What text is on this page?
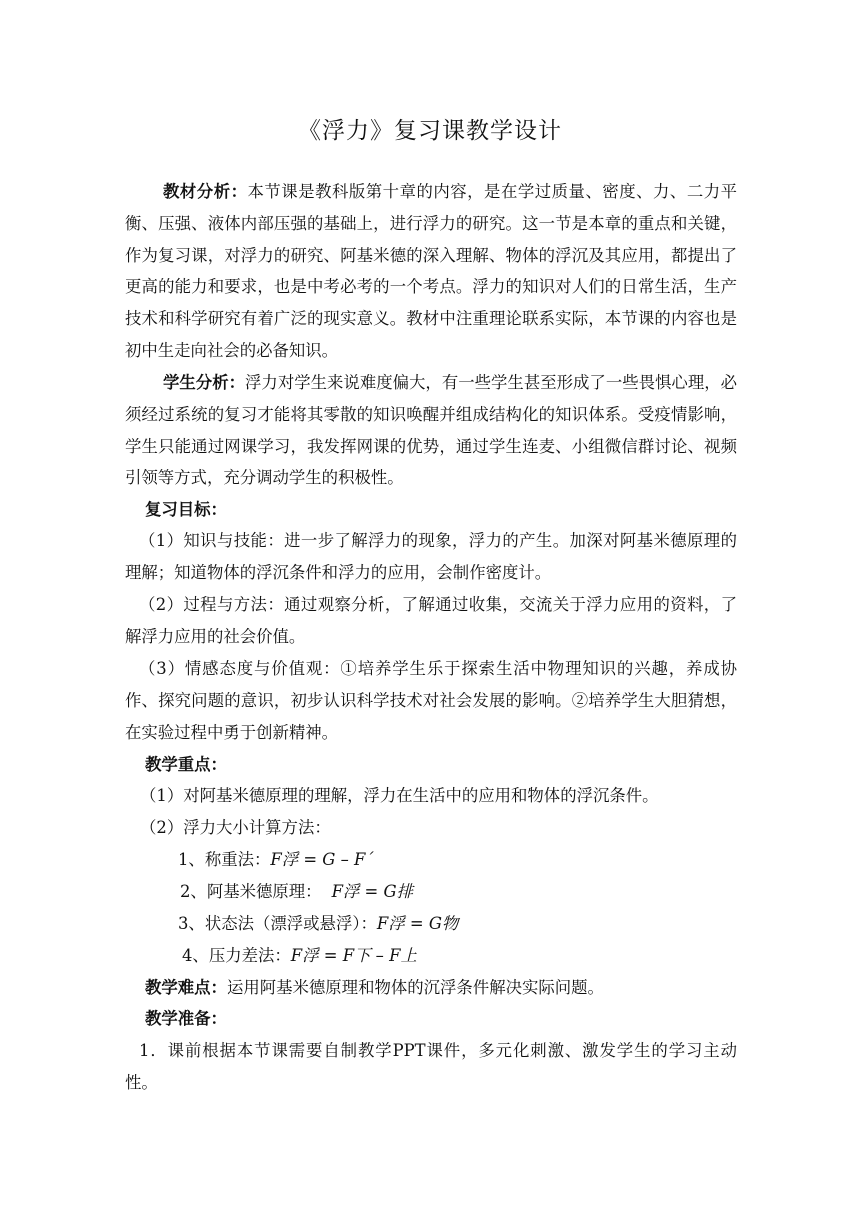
《浮力》复习课教学设计

教材分析：本节课是教科版第十章的内容，是在学过质量、密度、力、二力平衡、压强、液体内部压强的基础上，进行浮力的研究。这一节是本章的重点和关键，作为复习课，对浮力的研究、阿基米德的深入理解、物体的浮沉及其应用，都提出了更高的能力和要求，也是中考必考的一个考点。浮力的知识对人们的日常生活，生产技术和科学研究有着广泛的现实意义。教材中注重理论联系实际，本节课的内容也是初中生走向社会的必备知识。

学生分析：浮力对学生来说难度偏大，有一些学生甚至形成了一些畏惧心理，必须经过系统的复习才能将其零散的知识唤醒并组成结构化的知识体系。受疫情影响，学生只能通过网课学习，我发挥网课的优势，通过学生连麦、小组微信群讨论、视频引领等方式，充分调动学生的积极性。

复习目标：

（1）知识与技能：进一步了解浮力的现象，浮力的产生。加深对阿基米德原理的理解；知道物体的浮沉条件和浮力的应用，会制作密度计。

（2）过程与方法：通过观察分析，了解通过收集，交流关于浮力应用的资料，了解浮力应用的社会价值。

（3）情感态度与价值观：①培养学生乐于探索生活中物理知识的兴趣，养成协作、探究问题的意识，初步认识科学技术对社会发展的影响。②培养学生大胆猜想，在实验过程中勇于创新精神。

教学重点：

（1）对阿基米德原理的理解，浮力在生活中的应用和物体的浮沉条件。

（2）浮力大小计算方法：

1、称重法：F浮 = G – F´

2、阿基米德原理： F浮 = G排

3、状态法（漂浮或悬浮）：F浮 = G物

4、压力差法：F浮 = F下 – F上

教学难点：运用阿基米德原理和物体的沉浮条件解决实际问题。

教学准备：

1．课前根据本节课需要自制教学PPT课件，多元化刺激、激发学生的学习主动性。
